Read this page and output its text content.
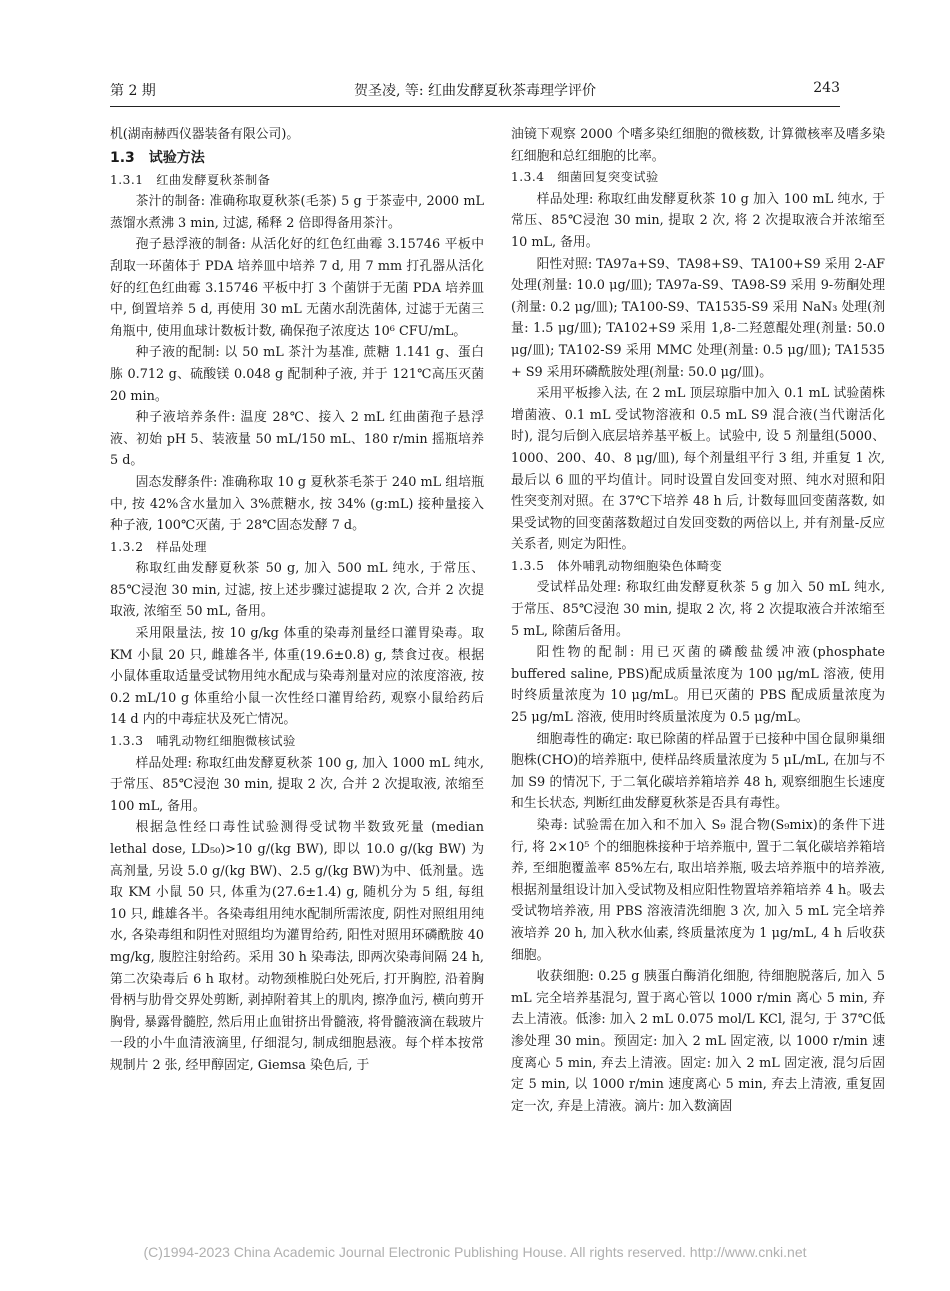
第 2 期	贺圣凌, 等: 红曲发酵夏秋茶毒理学评价	243

机(湖南赫西仪器装备有限公司)。

1.3　试验方法

1.3.1　红曲发酵夏秋茶制备

茶汁的制备: 准确称取夏秋茶(毛茶) 5 g 于茶壶中, 2000 mL 蒸馏水煮沸 3 min, 过滤, 稀释 2 倍即得备用茶汁。

孢子悬浮液的制备: 从活化好的红色红曲霉 3.15746 平板中刮取一环菌体于 PDA 培养皿中培养 7 d, 用 7 mm 打孔器从活化好的红色红曲霉 3.15746 平板中打 3 个菌饼于无菌 PDA 培养皿中, 倒置培养 5 d, 再使用 30 mL 无菌水刮洗菌体, 过滤于无菌三角瓶中, 使用血球计数板计数, 确保孢子浓度达 10⁶ CFU/mL。

种子液的配制: 以 50 mL 茶汁为基准, 蔗糖 1.141 g、蛋白胨 0.712 g、硫酸镁 0.048 g 配制种子液, 并于 121℃高压灭菌 20 min。

种子液培养条件: 温度 28℃、接入 2 mL 红曲菌孢子悬浮液、初始 pH 5、装液量 50 mL/150 mL、180 r/min 摇瓶培养 5 d。

固态发酵条件: 准确称取 10 g 夏秋茶毛茶于 240 mL 组培瓶中, 按 42%含水量加入 3%蔗糖水, 按 34% (g:mL) 接种量接入种子液, 100℃灭菌, 于 28℃固态发酵 7 d。

1.3.2　样品处理

称取红曲发酵夏秋茶 50 g, 加入 500 mL 纯水, 于常压、85℃浸泡 30 min, 过滤, 按上述步骤过滤提取 2 次, 合并 2 次提取液, 浓缩至 50 mL, 备用。

采用限量法, 按 10 g/kg 体重的染毒剂量经口灌胃染毒。取 KM 小鼠 20 只, 雌雄各半, 体重(19.6±0.8) g, 禁食过夜。根据小鼠体重取适量受试物用纯水配成与染毒剂量对应的浓度溶液, 按 0.2 mL/10 g 体重给小鼠一次性经口灌胃给药, 观察小鼠给药后 14 d 内的中毒症状及死亡情况。

1.3.3　哺乳动物红细胞微核试验

样品处理: 称取红曲发酵夏秋茶 100 g, 加入 1000 mL 纯水, 于常压、85℃浸泡 30 min, 提取 2 次, 合并 2 次提取液, 浓缩至 100 mL, 备用。

根据急性经口毒性试验测得受试物半数致死量 (median lethal dose, LD₅₀)>10 g/(kg BW), 即以 10.0 g/(kg BW) 为高剂量, 另设 5.0 g/(kg BW)、2.5 g/(kg BW)为中、低剂量。选取 KM 小鼠 50 只, 体重为(27.6±1.4) g, 随机分为 5 组, 每组 10 只, 雌雄各半。各染毒组用纯水配制所需浓度, 阴性对照组用纯水, 各染毒组和阴性对照组均为灌胃给药, 阳性对照用环磷酰胺 40 mg/kg, 腹腔注射给药。采用 30 h 染毒法, 即两次染毒间隔 24 h, 第二次染毒后 6 h 取材。动物颈椎脱臼处死后, 打开胸腔, 沿着胸骨柄与肋骨交界处剪断, 剥掉附着其上的肌肉, 擦净血污, 横向剪开胸骨, 暴露骨髓腔, 然后用止血钳挤出骨髓液, 将骨髓液滴在载玻片一段的小牛血清液滴里, 仔细混匀, 制成细胞悬液。每个样本按常规制片 2 张, 经甲醇固定, Giemsa 染色后, 于

油镜下观察 2000 个嗜多染红细胞的微核数, 计算微核率及嗜多染红细胞和总红细胞的比率。

1.3.4　细菌回复突变试验

样品处理: 称取红曲发酵夏秋茶 10 g 加入 100 mL 纯水, 于常压、85℃浸泡 30 min, 提取 2 次, 将 2 次提取液合并浓缩至 10 mL, 备用。

阳性对照: TA97a+S9、TA98+S9、TA100+S9 采用 2-AF 处理(剂量: 10.0 μg/皿); TA97a-S9、TA98-S9 采用 9-芴酮处理(剂量: 0.2 μg/皿); TA100-S9、TA1535-S9 采用 NaN₃ 处理(剂量: 1.5 μg/皿); TA102+S9 采用 1,8-二羟蒽醌处理(剂量: 50.0 μg/皿); TA102-S9 采用 MMC 处理(剂量: 0.5 μg/皿); TA1535 + S9 采用环磷酰胺处理(剂量: 50.0 μg/皿)。

采用平板掺入法, 在 2 mL 顶层琼脂中加入 0.1 mL 试验菌株增菌液、0.1 mL 受试物溶液和 0.5 mL S9 混合液(当代谢活化时), 混匀后倒入底层培养基平板上。试验中, 设 5 剂量组(5000、1000、200、40、8 μg/皿), 每个剂量组平行 3 组, 并重复 1 次, 最后以 6 皿的平均值计。同时设置自发回变对照、纯水对照和阳性突变剂对照。在 37℃下培养 48 h 后, 计数每皿回变菌落数, 如果受试物的回变菌落数超过自发回变数的两倍以上, 并有剂量-反应关系者, 则定为阳性。

1.3.5　体外哺乳动物细胞染色体畸变

受试样品处理: 称取红曲发酵夏秋茶 5 g 加入 50 mL 纯水, 于常压、85℃浸泡 30 min, 提取 2 次, 将 2 次提取液合并浓缩至 5 mL, 除菌后备用。

阳性物的配制: 用已灭菌的磷酸盐缓冲液(phosphate buffered saline, PBS)配成质量浓度为 100 μg/mL 溶液, 使用时终质量浓度为 10 μg/mL。用已灭菌的 PBS 配成质量浓度为 25 μg/mL 溶液, 使用时终质量浓度为 0.5 μg/mL。

细胞毒性的确定: 取已除菌的样品置于已接种中国仓鼠卵巢细胞株(CHO)的培养瓶中, 使样品终质量浓度为 5 μL/mL, 在加与不加 S9 的情况下, 于二氧化碳培养箱培养 48 h, 观察细胞生长速度和生长状态, 判断红曲发酵夏秋茶是否具有毒性。

染毒: 试验需在加入和不加入 S₉ 混合物(S₉mix)的条件下进行, 将 2×10⁵ 个的细胞株接种于培养瓶中, 置于二氧化碳培养箱培养, 至细胞覆盖率 85%左右, 取出培养瓶, 吸去培养瓶中的培养液, 根据剂量组设计加入受试物及相应阳性物置培养箱培养 4 h。吸去受试物培养液, 用 PBS 溶液清洗细胞 3 次, 加入 5 mL 完全培养液培养 20 h, 加入秋水仙素, 终质量浓度为 1 μg/mL, 4 h 后收获细胞。

收获细胞: 0.25 g 胰蛋白酶消化细胞, 待细胞脱落后, 加入 5 mL 完全培养基混匀, 置于离心管以 1000 r/min 离心 5 min, 弃去上清液。低渗: 加入 2 mL 0.075 mol/L KCl, 混匀, 于 37℃低渗处理 30 min。预固定: 加入 2 mL 固定液, 以 1000 r/min 速度离心 5 min, 弃去上清液。固定: 加入 2 mL 固定液, 混匀后固定 5 min, 以 1000 r/min 速度离心 5 min, 弃去上清液, 重复固定一次, 弃是上清液。滴片: 加入数滴固

(C)1994-2023 China Academic Journal Electronic Publishing House. All rights reserved. http://www.cnki.net
